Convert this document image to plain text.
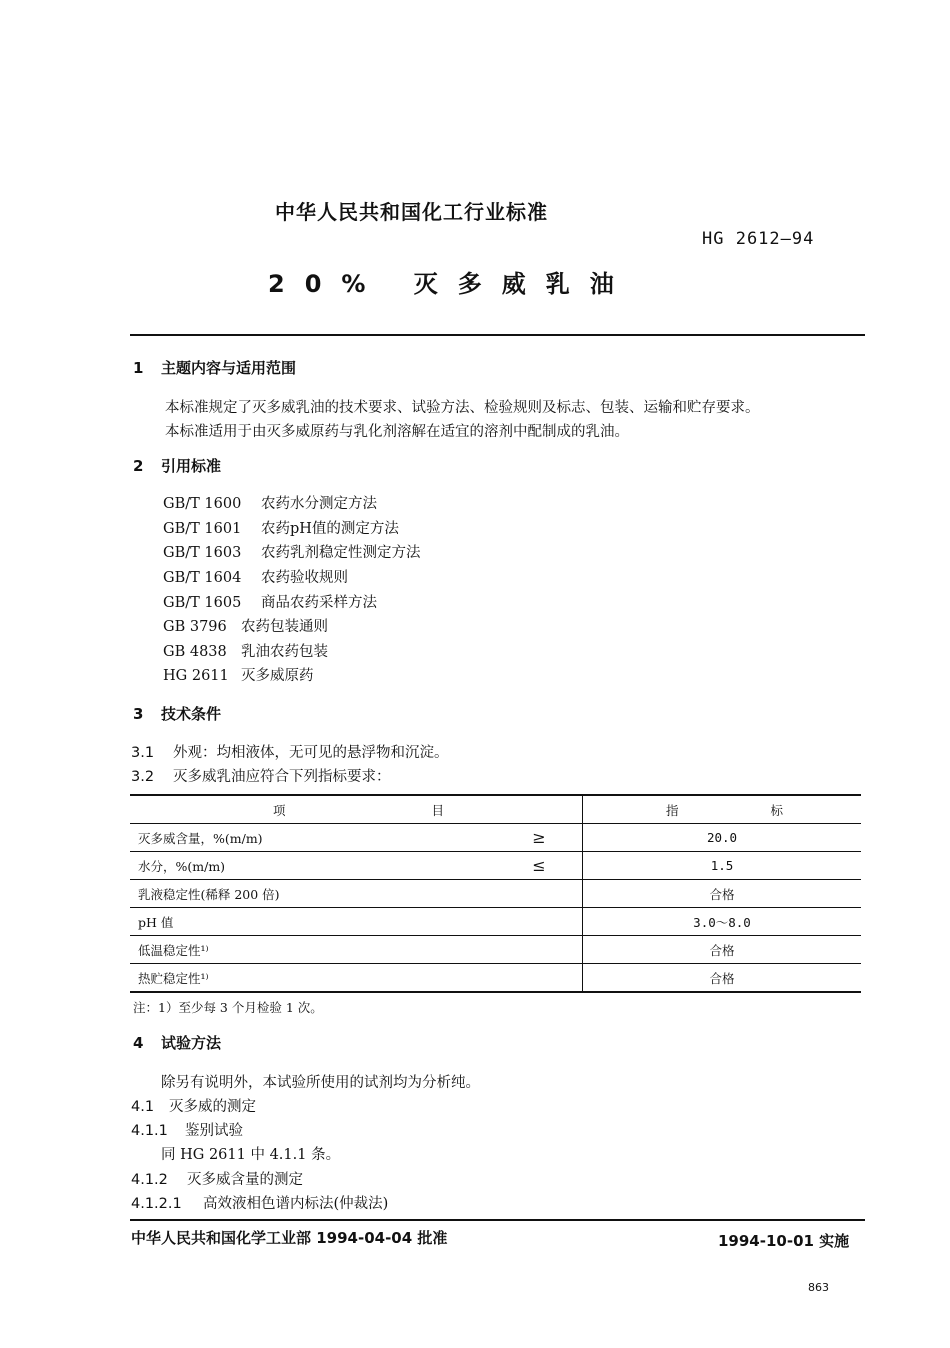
中华人民共和国化工行业标准
HG 2612—94
20% 灭多威乳油
1 主题内容与适用范围
本标准规定了灭多威乳油的技术要求、试验方法、检验规则及标志、包装、运输和贮存要求。
本标准适用于由灭多威原药与乳化剂溶解在适宜的溶剂中配制成的乳油。
2 引用标准
GB/T 1600 农药水分测定方法
GB/T 1601 农药pH值的测定方法
GB/T 1603 农药乳剂稳定性测定方法
GB/T 1604 农药验收规则
GB/T 1605 商品农药采样方法
GB 3796 农药包装通则
GB 4838 乳油农药包装
HG 2611 灭多威原药
3 技术条件
3.1 外观：均相液体，无可见的悬浮物和沉淀。
3.2 灭多威乳油应符合下列指标要求：
项 目		指 标

灭多威含量，%(m/m)	≥	20.0
水分，%(m/m)	≤	1.5
乳液稳定性(稀释 200 倍)		合格
pH 值		3.0～8.0
低温稳定性¹⁾		合格
热贮稳定性¹⁾		合格
注：1）至少每 3 个月检验 1 次。
4 试验方法
除另有说明外，本试验所使用的试剂均为分析纯。
4.1 灭多威的测定
4.1.1 鉴别试验
同 HG 2611 中 4.1.1 条。
4.1.2 灭多威含量的测定
4.1.2.1 高效液相色谱内标法(仲裁法)
中华人民共和国化学工业部 1994-04-04 批准	1994-10-01 实施
863
